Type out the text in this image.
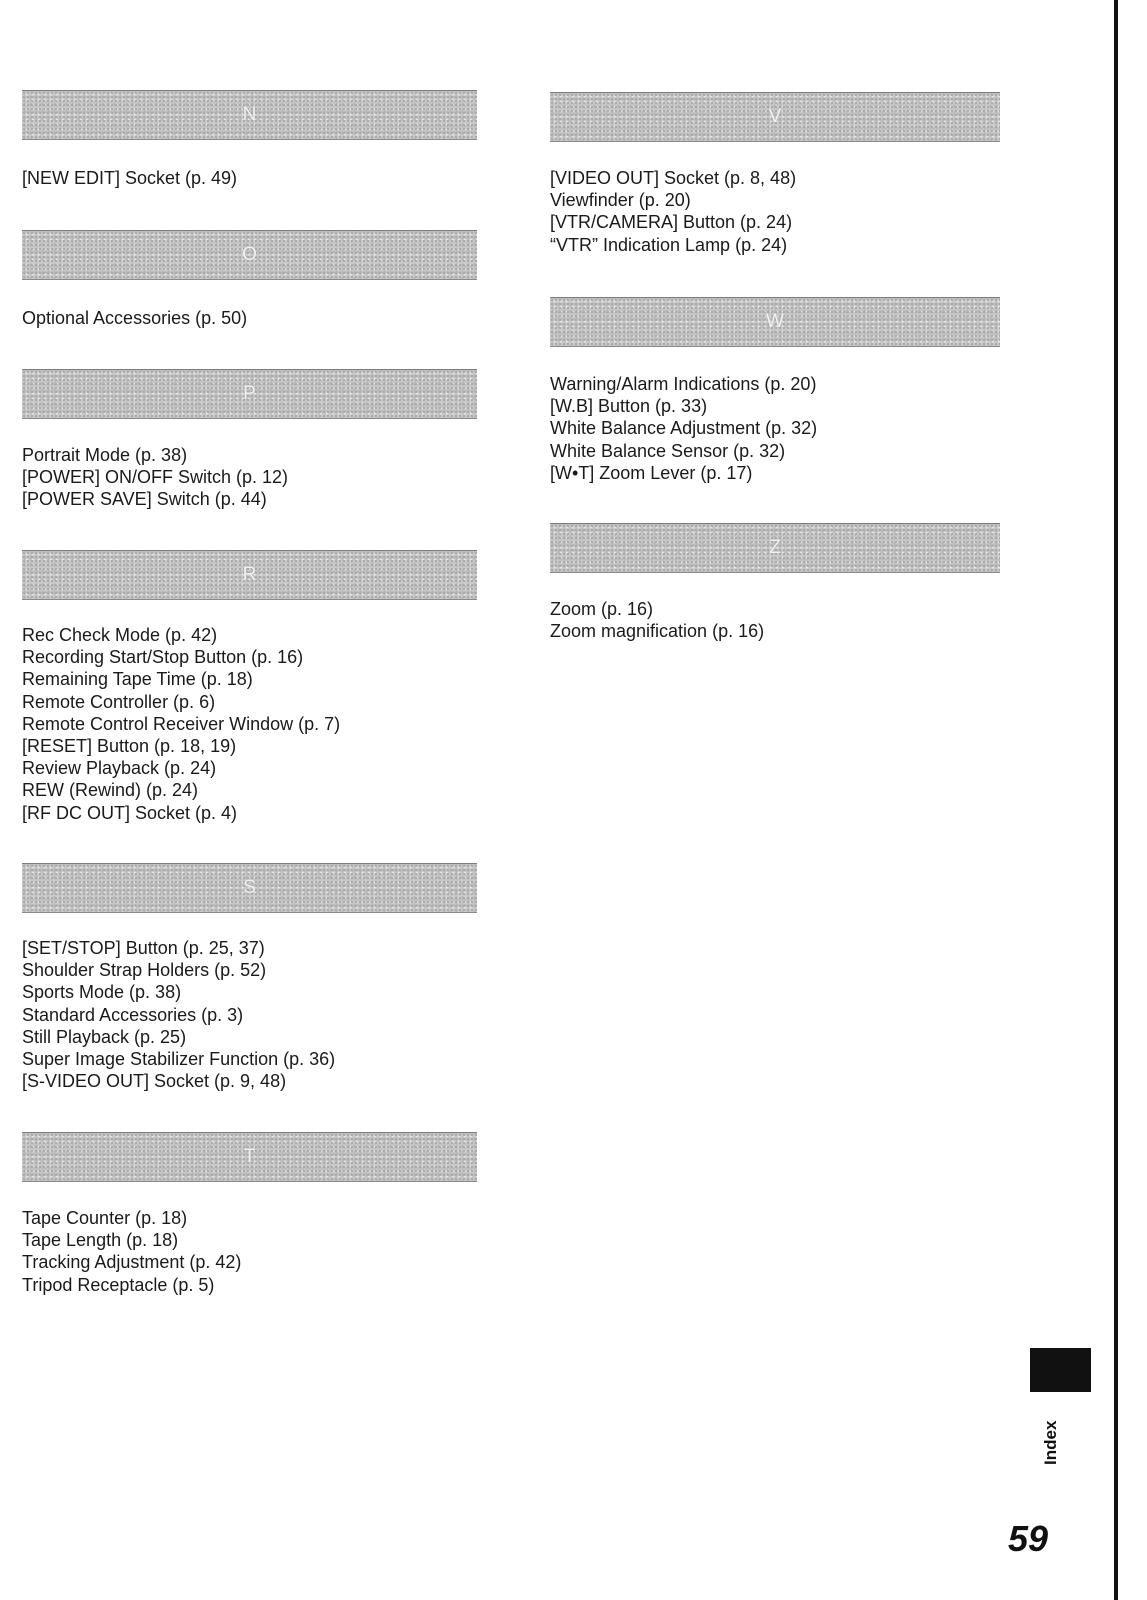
N
[NEW EDIT] Socket (p. 49)
O
Optional Accessories (p. 50)
P
Portrait Mode (p. 38)
[POWER] ON/OFF Switch (p. 12)
[POWER SAVE] Switch (p. 44)
R
Rec Check Mode (p. 42)
Recording Start/Stop Button (p. 16)
Remaining Tape Time (p. 18)
Remote Controller (p. 6)
Remote Control Receiver Window (p. 7)
[RESET] Button (p. 18, 19)
Review Playback (p. 24)
REW (Rewind) (p. 24)
[RF DC OUT] Socket (p. 4)
S
[SET/STOP] Button (p. 25, 37)
Shoulder Strap Holders (p. 52)
Sports Mode (p. 38)
Standard Accessories (p. 3)
Still Playback (p. 25)
Super Image Stabilizer Function (p. 36)
[S-VIDEO OUT] Socket (p. 9, 48)
T
Tape Counter (p. 18)
Tape Length (p. 18)
Tracking Adjustment (p. 42)
Tripod Receptacle (p. 5)
V
[VIDEO OUT] Socket (p. 8, 48)
Viewfinder (p. 20)
[VTR/CAMERA] Button (p. 24)
“VTR” Indication Lamp (p. 24)
W
Warning/Alarm Indications (p. 20)
[W.B] Button (p. 33)
White Balance Adjustment (p. 32)
White Balance Sensor (p. 32)
[W•T] Zoom Lever (p. 17)
Z
Zoom (p. 16)
Zoom magnification (p. 16)
Index
59
